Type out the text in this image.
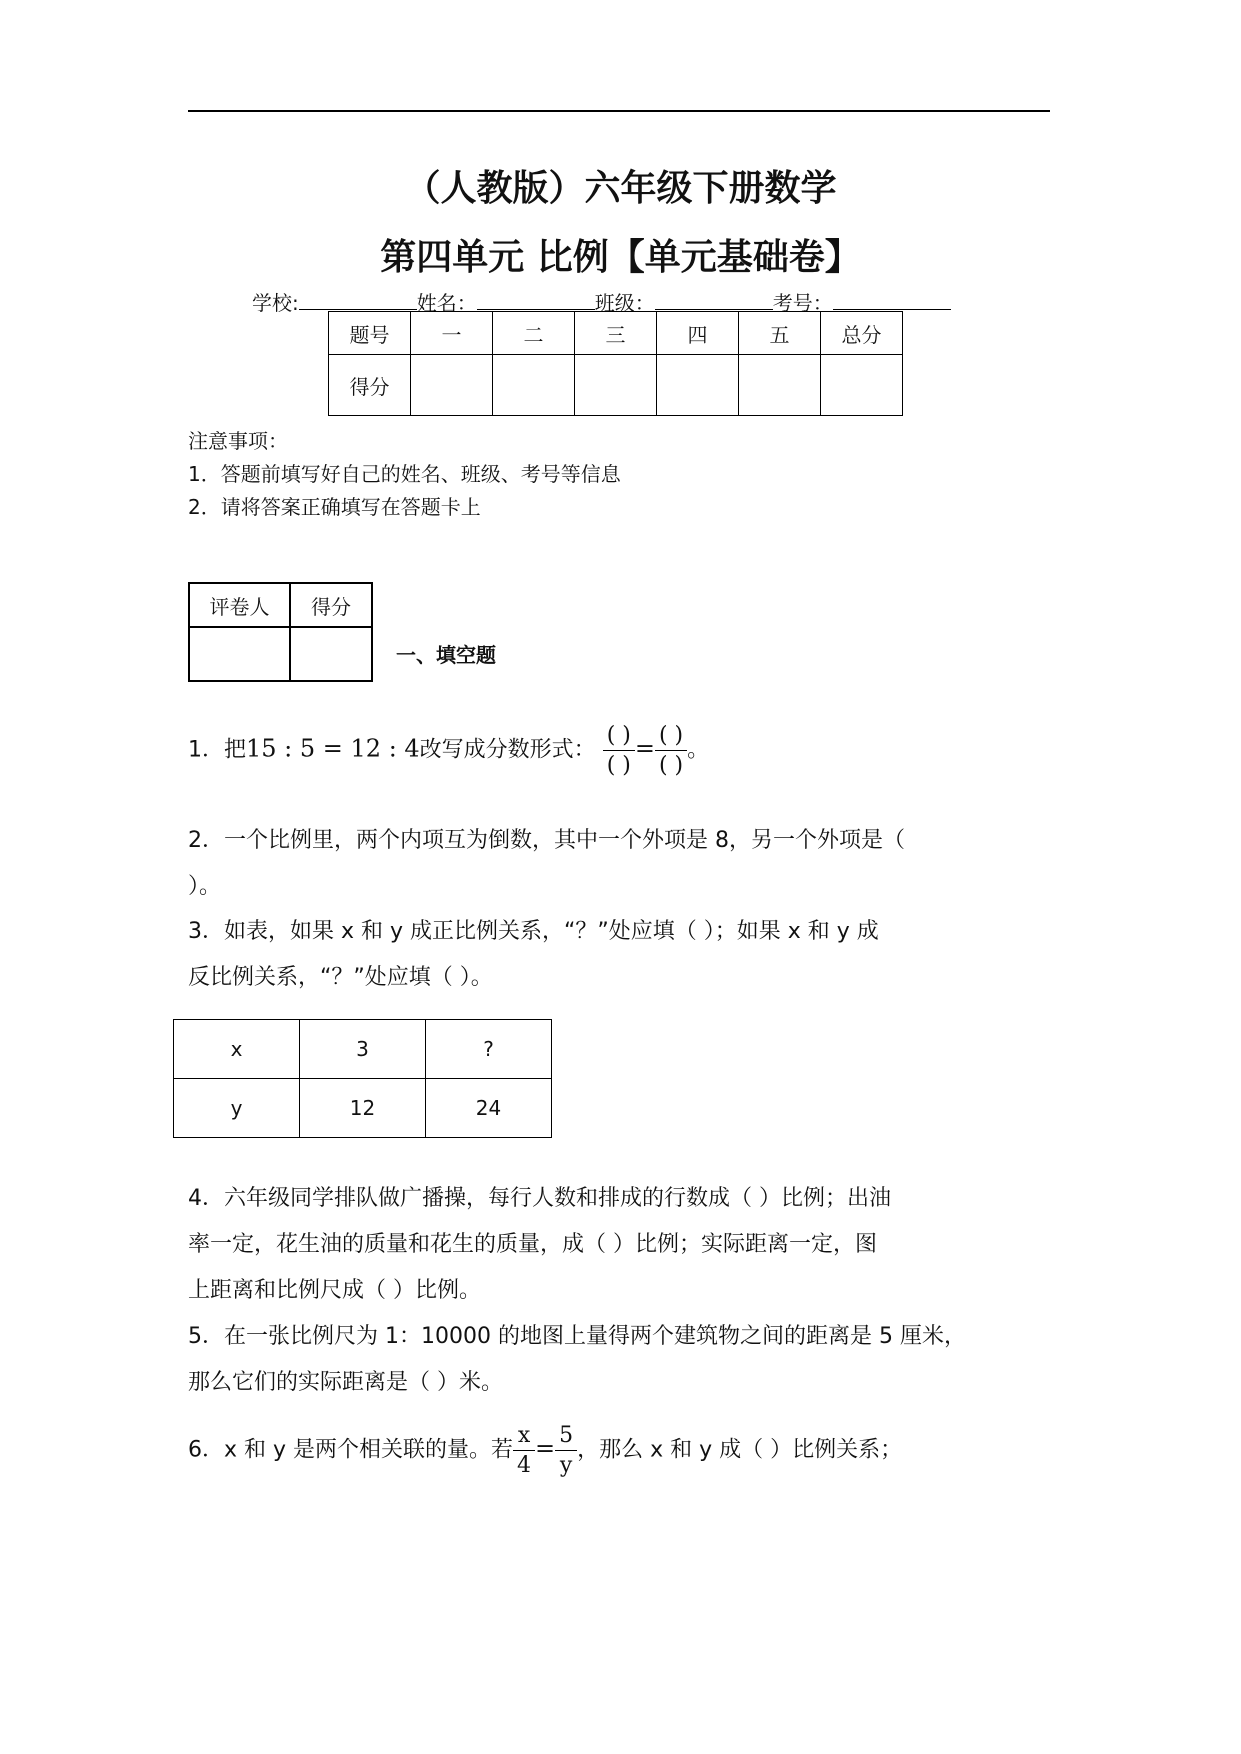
（人教版）六年级下册数学
第四单元 比例【单元基础卷】
学校:	姓名：	班级：	考号：
题号	一	二	三	四	五	总分
得分						
注意事项：
1．答题前填写好自己的姓名、班级、考号等信息
2．请将答案正确填写在答题卡上
评卷人	得分

一、填空题
1．把15 : 5 = 12 : 4改写成分数形式： $\frac{( )}{( )} = \frac{( )}{( )}$ 。
2．一个比例里，两个内项互为倒数，其中一个外项是 8，另一个外项是（
）。
3．如表，如果 x 和 y 成正比例关系，“？”处应填（ ）；如果 x 和 y 成
反比例关系，“？”处应填（ ）。
x	3	?
y	12	24
4．六年级同学排队做广播操，每行人数和排成的行数成（ ）比例；出油
率一定，花生油的质量和花生的质量，成（ ）比例；实际距离一定，图
上距离和比例尺成（ ）比例。
5．在一张比例尺为 1：10000 的地图上量得两个建筑物之间的距离是 5 厘米，
那么它们的实际距离是（ ）米。
6．x 和 y 是两个相关联的量。若 $\frac{x}{4} = \frac{5}{y}$ ，那么 x 和 y 成（ ）比例关系；
